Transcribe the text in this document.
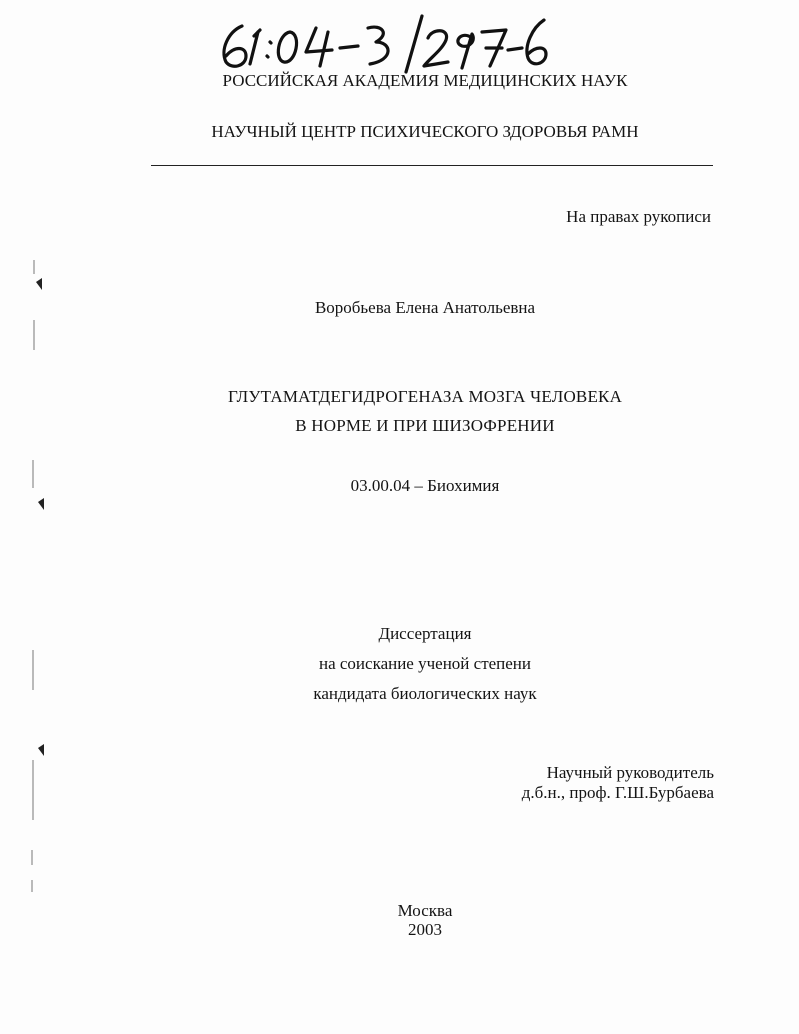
РОССИЙСКАЯ АКАДЕМИЯ МЕДИЦИНСКИХ НАУК
НАУЧНЫЙ ЦЕНТР ПСИХИЧЕСКОГО ЗДОРОВЬЯ РАМН
На правах рукописи
Воробьева Елена Анатольевна
ГЛУТАМАТДЕГИДРОГЕНАЗА МОЗГА ЧЕЛОВЕКА
В НОРМЕ И ПРИ ШИЗОФРЕНИИ
03.00.04 – Биохимия
Диссертация
на соискание ученой степени
кандидата биологических наук
Научный руководитель
д.б.н., проф. Г.Ш.Бурбаева
Москва
2003
